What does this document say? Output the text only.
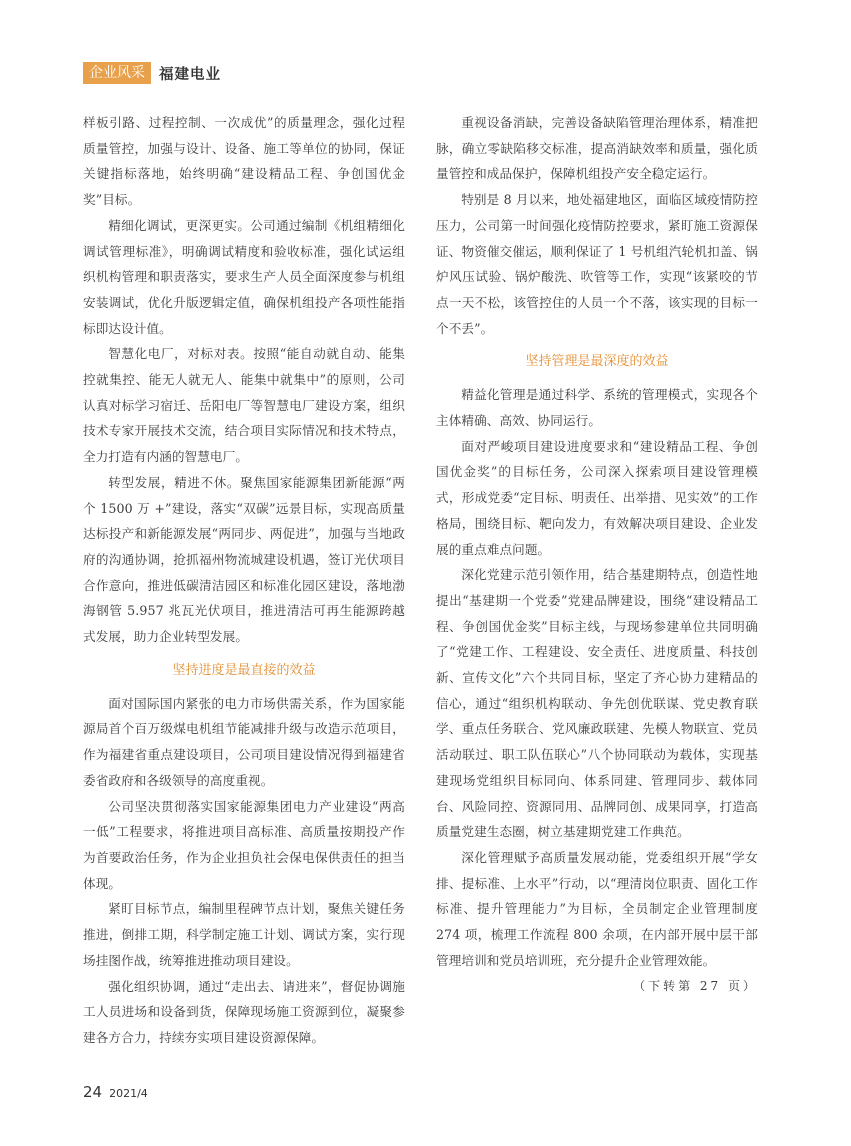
企业风采 福建电业

样板引路、过程控制、一次成优”的质量理念，强化过程质量管控，加强与设计、设备、施工等单位的协同，保证关键指标落地，始终明确“建设精品工程、争创国优金奖”目标。

精细化调试，更深更实。公司通过编制《机组精细化调试管理标准》，明确调试精度和验收标准，强化试运组织机构管理和职责落实，要求生产人员全面深度参与机组安装调试，优化升版逻辑定值，确保机组投产各项性能指标即达设计值。

智慧化电厂，对标对表。按照“能自动就自动、能集控就集控、能无人就无人、能集中就集中”的原则，公司认真对标学习宿迁、岳阳电厂等智慧电厂建设方案，组织技术专家开展技术交流，结合项目实际情况和技术特点，全力打造有内涵的智慧电厂。

转型发展，精进不休。聚焦国家能源集团新能源“两个 1500 万 +”建设，落实“双碳”远景目标，实现高质量达标投产和新能源发展“两同步、两促进”，加强与当地政府的沟通协调，抢抓福州物流城建设机遇，签订光伏项目合作意向，推进低碳清洁园区和标准化园区建设，落地渤海钢管 5.957 兆瓦光伏项目，推进清洁可再生能源跨越式发展，助力企业转型发展。

坚持进度是最直接的效益

面对国际国内紧张的电力市场供需关系，作为国家能源局首个百万级煤电机组节能减排升级与改造示范项目，作为福建省重点建设项目，公司项目建设情况得到福建省委省政府和各级领导的高度重视。

公司坚决贯彻落实国家能源集团电力产业建设“两高一低”工程要求，将推进项目高标准、高质量按期投产作为首要政治任务，作为企业担负社会保电保供责任的担当体现。

紧盯目标节点，编制里程碑节点计划，聚焦关键任务推进，倒排工期，科学制定施工计划、调试方案，实行现场挂图作战，统筹推进推动项目建设。

强化组织协调，通过“走出去、请进来”，督促协调施工人员进场和设备到货，保障现场施工资源到位，凝聚参建各方合力，持续夯实项目建设资源保障。

重视设备消缺，完善设备缺陷管理治理体系，精准把脉，确立零缺陷移交标准，提高消缺效率和质量，强化质量管控和成品保护，保障机组投产安全稳定运行。

特别是 8 月以来，地处福建地区，面临区域疫情防控压力，公司第一时间强化疫情防控要求，紧盯施工资源保证、物资催交催运，顺利保证了 1 号机组汽轮机扣盖、锅炉风压试验、锅炉酸洗、吹管等工作，实现“该紧咬的节点一天不松，该管控住的人员一个不落，该实现的目标一个不丢”。

坚持管理是最深度的效益

精益化管理是通过科学、系统的管理模式，实现各个主体精确、高效、协同运行。

面对严峻项目建设进度要求和“建设精品工程、争创国优金奖”的目标任务，公司深入探索项目建设管理模式，形成党委“定目标、明责任、出举措、见实效”的工作格局，围绕目标、靶向发力，有效解决项目建设、企业发展的重点难点问题。

深化党建示范引领作用，结合基建期特点，创造性地提出“基建期一个党委”党建品牌建设，围绕“建设精品工程、争创国优金奖”目标主线，与现场参建单位共同明确了“党建工作、工程建设、安全责任、进度质量、科技创新、宣传文化”六个共同目标，坚定了齐心协力建精品的信心，通过“组织机构联动、争先创优联谋、党史教育联学、重点任务联合、党风廉政联建、先模人物联宣、党员活动联过、职工队伍联心”八个协同联动为载体，实现基建现场党组织目标同向、体系同建、管理同步、载体同台、风险同控、资源同用、品牌同创、成果同享，打造高质量党建生态圈，树立基建期党建工作典范。

深化管理赋予高质量发展动能，党委组织开展“学女排、提标准、上水平”行动，以“理清岗位职责、固化工作标准、提升管理能力”为目标，全员制定企业管理制度 274 项，梳理工作流程 800 余项，在内部开展中层干部管理培训和党员培训班，充分提升企业管理效能。
（下转第 27 页）

24 2021/4
